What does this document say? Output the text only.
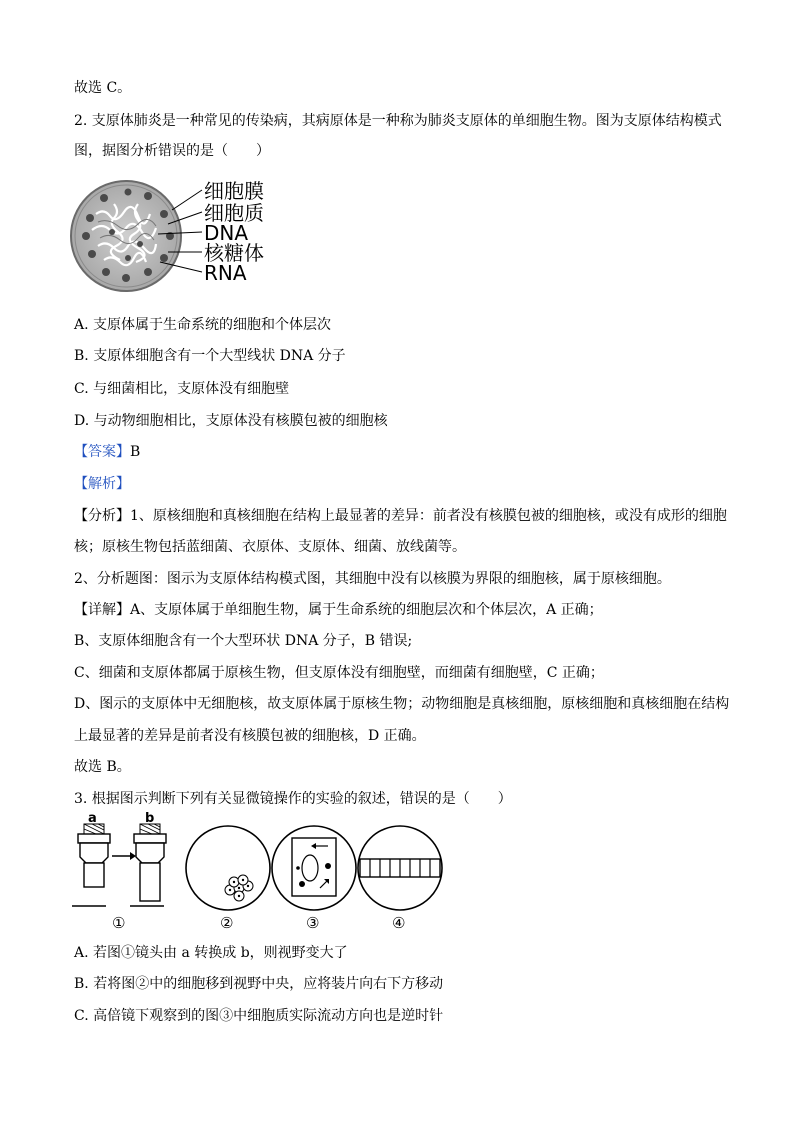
故选 C。
2. 支原体肺炎是一种常见的传染病，其病原体是一种称为肺炎支原体的单细胞生物。图为支原体结构模式
图，据图分析错误的是（　　）
细胞膜
细胞质
DNA
核糖体
RNA
A. 支原体属于生命系统的细胞和个体层次
B. 支原体细胞含有一个大型线状 DNA 分子
C. 与细菌相比，支原体没有细胞壁
D. 与动物细胞相比，支原体没有核膜包被的细胞核
【答案】B
【解析】
【分析】1、原核细胞和真核细胞在结构上最显著的差异：前者没有核膜包被的细胞核，或没有成形的细胞
核；原核生物包括蓝细菌、衣原体、支原体、细菌、放线菌等。
2、分析题图：图示为支原体结构模式图，其细胞中没有以核膜为界限的细胞核，属于原核细胞。
【详解】A、支原体属于单细胞生物，属于生命系统的细胞层次和个体层次，A 正确；
B、支原体细胞含有一个大型环状 DNA 分子，B 错误;
C、细菌和支原体都属于原核生物，但支原体没有细胞壁，而细菌有细胞壁，C 正确；
D、图示的支原体中无细胞核，故支原体属于原核生物；动物细胞是真核细胞，原核细胞和真核细胞在结构
上最显著的差异是前者没有核膜包被的细胞核，D 正确。
故选 B。
3. 根据图示判断下列有关显微镜操作的实验的叙述，错误的是（　　）
a	b
①	②	③	④
A. 若图①镜头由 a 转换成 b，则视野变大了
B. 若将图②中的细胞移到视野中央，应将装片向右下方移动
C. 高倍镜下观察到的图③中细胞质实际流动方向也是逆时针
